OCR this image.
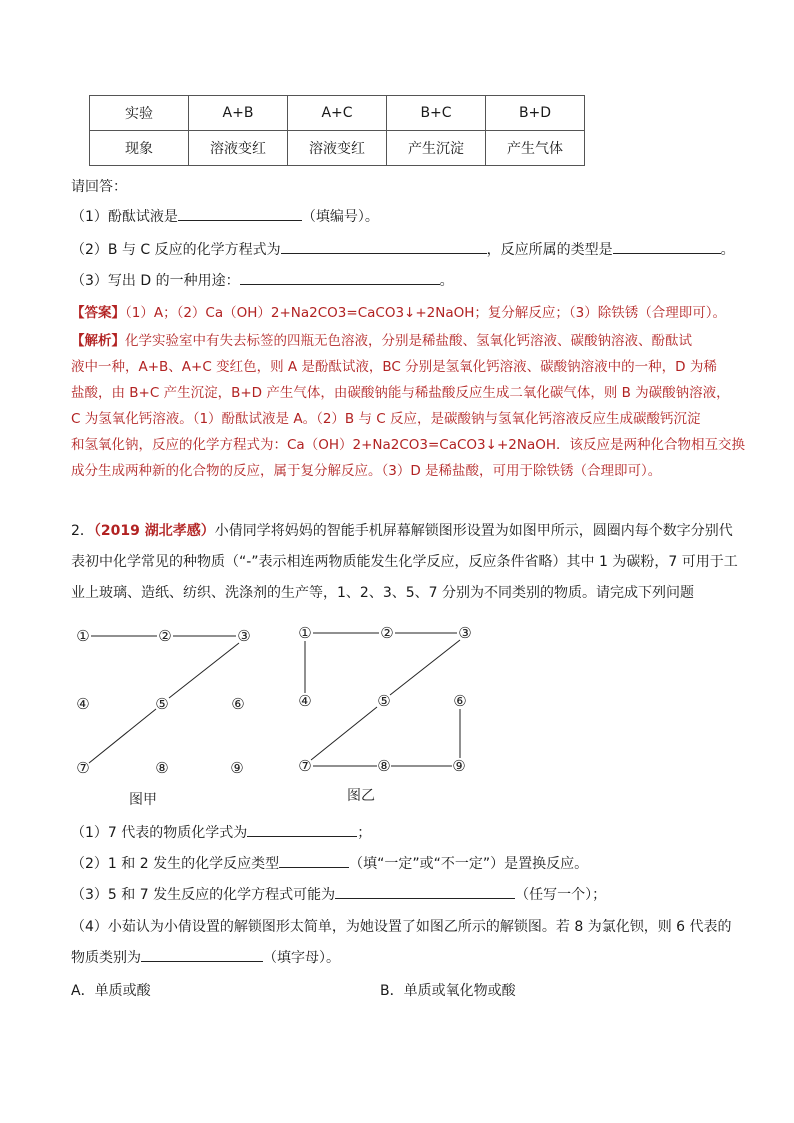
实验	A+B	A+C	B+C	B+D
现象	溶液变红	溶液变红	产生沉淀	产生气体
请回答：
（1）酚酞试液是	（填编号）。
（2）B 与 C 反应的化学方程式为	，反应所属的类型是	。
（3）写出 D 的一种用途：	。
【答案】（1）A；（2）Ca（OH）2+Na2CO3=CaCO3↓+2NaOH；复分解反应；（3）除铁锈（合理即可）。
【解析】化学实验室中有失去标签的四瓶无色溶液，分别是稀盐酸、氢氧化钙溶液、碳酸钠溶液、酚酞试
液中一种，A+B、A+C 变红色，则 A 是酚酞试液，BC 分别是氢氧化钙溶液、碳酸钠溶液中的一种，D 为稀
盐酸，由 B+C 产生沉淀，B+D 产生气体，由碳酸钠能与稀盐酸反应生成二氧化碳气体，则 B 为碳酸钠溶液，
C 为氢氧化钙溶液。（1）酚酞试液是 A。（2）B 与 C 反应，是碳酸钠与氢氧化钙溶液反应生成碳酸钙沉淀
和氢氧化钠，反应的化学方程式为：Ca（OH）2+Na2CO3=CaCO3↓+2NaOH．该反应是两种化合物相互交换
成分生成两种新的化合物的反应，属于复分解反应。（3）D 是稀盐酸，可用于除铁锈（合理即可）。
2．（2019 湖北孝感）小倩同学将妈妈的智能手机屏幕解锁图形设置为如图甲所示，圆圈内每个数字分别代
表初中化学常见的种物质（“-”表示相连两物质能发生化学反应，反应条件省略）其中 1 为碳粉，7 可用于工
业上玻璃、造纸、纺织、洗涤剂的生产等，1、2、3、5、7 分别为不同类别的物质。请完成下列问题
①	②	③
④	⑤	⑥
⑦	⑧	⑨
①	②	③
④	⑤	⑥
⑦	⑧	⑨
图甲	图乙
（1）7 代表的物质化学式为	；
（2）1 和 2 发生的化学反应类型	（填“一定”或“不一定”）是置换反应。
（3）5 和 7 发生反应的化学方程式可能为	（任写一个）；
（4）小茹认为小倩设置的解锁图形太简单，为她设置了如图乙所示的解锁图。若 8 为氯化钡，则 6 代表的
物质类别为	（填字母）。
A．单质或酸	B．单质或氧化物或酸
